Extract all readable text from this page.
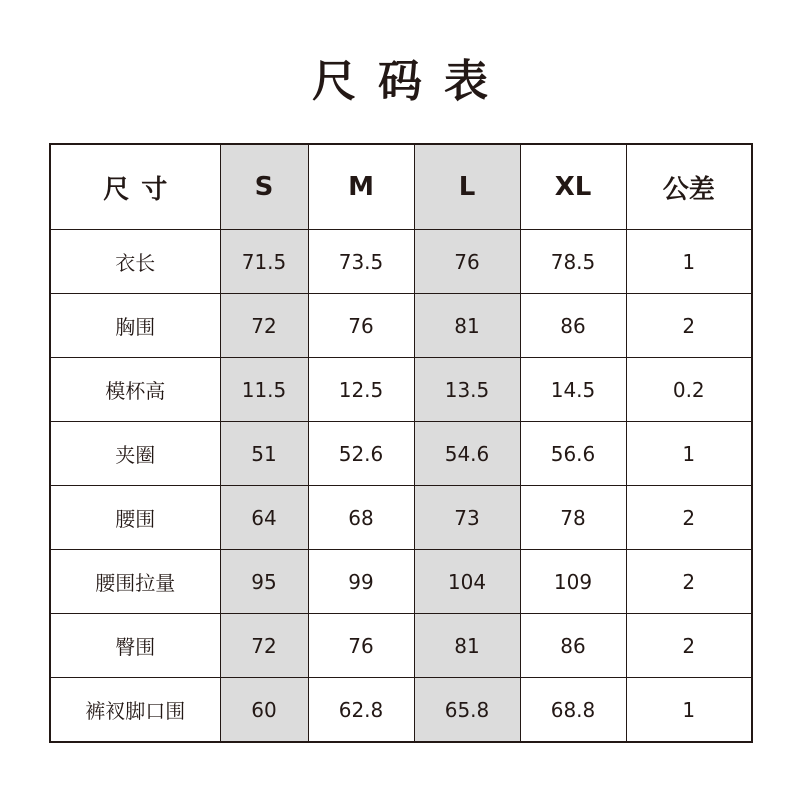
尺码表
尺寸	S	M	L	XL	公差
衣长	71.5	73.5	76	78.5	1
胸围	72	76	81	86	2
模杯高	11.5	12.5	13.5	14.5	0.2
夹圈	51	52.6	54.6	56.6	1
腰围	64	68	73	78	2
腰围拉量	95	99	104	109	2
臀围	72	76	81	86	2
裤衩脚口围	60	62.8	65.8	68.8	1
